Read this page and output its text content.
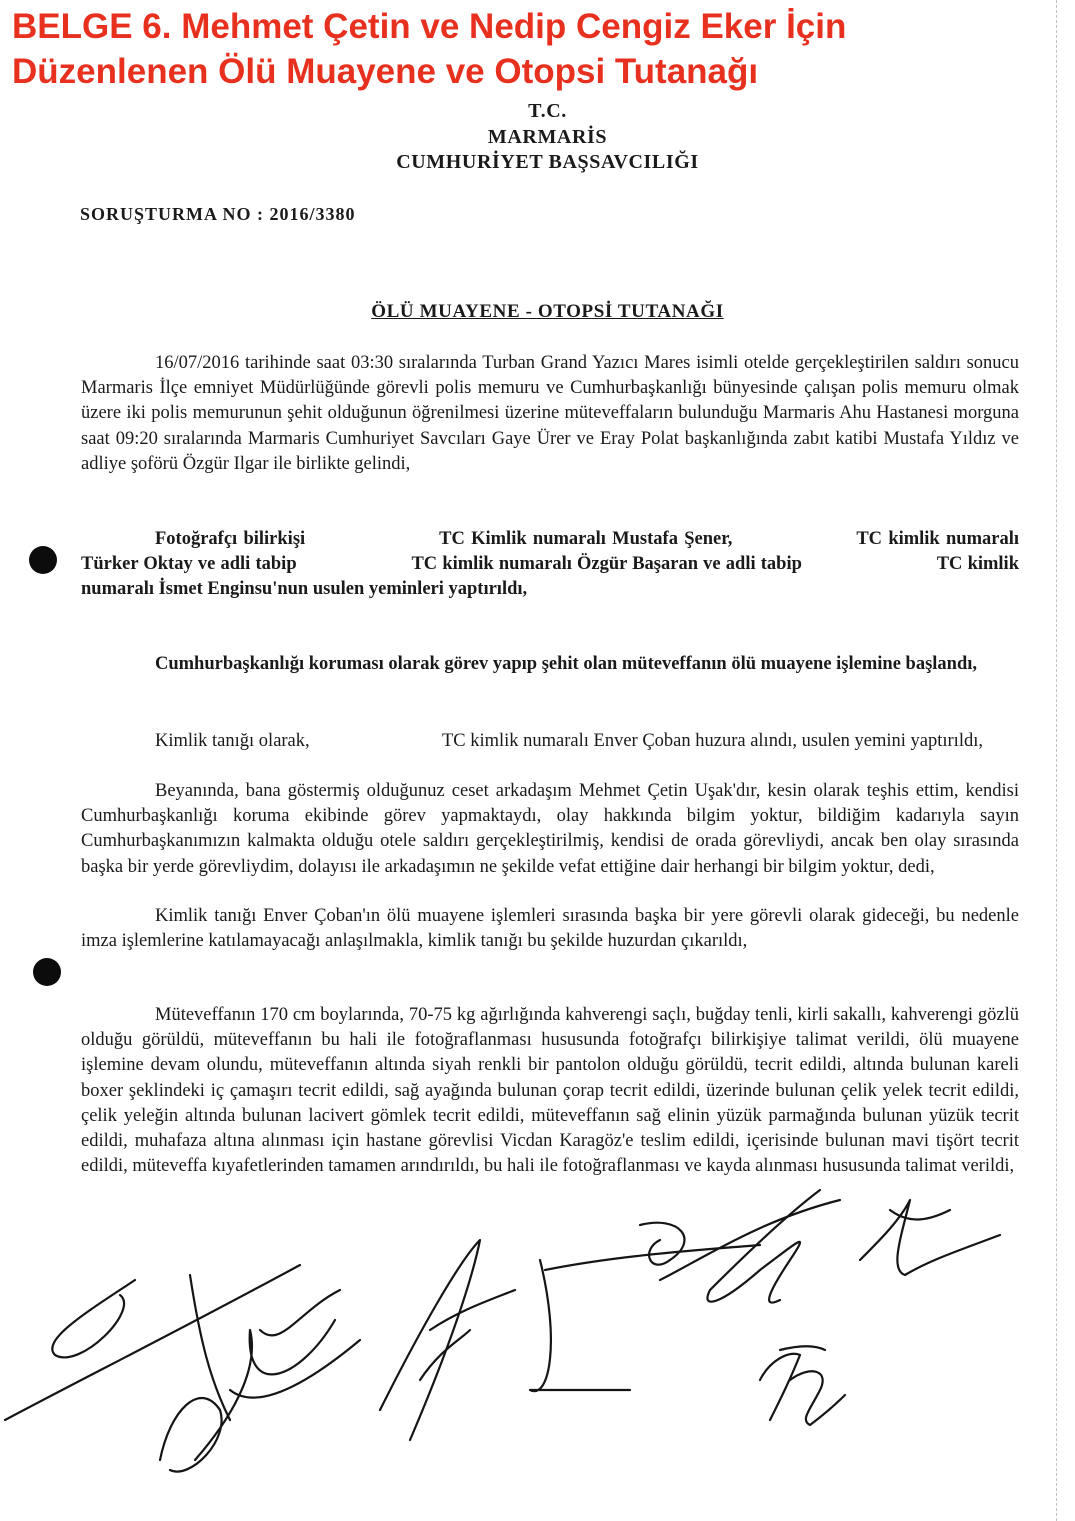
BELGE 6. Mehmet Çetin ve Nedip Cengiz Eker İçin
Düzenlenen Ölü Muayene ve Otopsi Tutanağı
T.C.
MARMARİS
CUMHURİYET BAŞSAVCILIĞI
SORUŞTURMA NO : 2016/3380
ÖLÜ MUAYENE - OTOPSİ TUTANAĞI
16/07/2016 tarihinde saat 03:30 sıralarında Turban Grand Yazıcı Mares isimli otelde gerçekleştirilen saldırı sonucu Marmaris İlçe emniyet Müdürlüğünde görevli polis memuru ve Cumhurbaşkanlığı bünyesinde çalışan polis memuru olmak üzere iki polis memurunun şehit olduğunun öğrenilmesi üzerine müteveffaların bulunduğu Marmaris Ahu Hastanesi morguna saat 09:20 sıralarında Marmaris Cumhuriyet Savcıları Gaye Ürer ve Eray Polat başkanlığında zabıt katibi Mustafa Yıldız ve adliye şoförü Özgür Ilgar ile birlikte gelindi,
Fotoğrafçı bilirkişi	TC Kimlik numaralı Mustafa Şener,	TC kimlik numaralı Türker Oktay ve adli tabip	TC kimlik numaralı Özgür Başaran ve adli tabip	TC kimlik numaralı İsmet Enginsu'nun usulen yeminleri yaptırıldı,
Cumhurbaşkanlığı koruması olarak görev yapıp şehit olan müteveffanın ölü muayene işlemine başlandı,
Kimlik tanığı olarak,	TC kimlik numaralı Enver Çoban huzura alındı, usulen yemini yaptırıldı,
Beyanında, bana göstermiş olduğunuz ceset arkadaşım Mehmet Çetin Uşak'dır, kesin olarak teşhis ettim, kendisi Cumhurbaşkanlığı koruma ekibinde görev yapmaktaydı, olay hakkında bilgim yoktur, bildiğim kadarıyla sayın Cumhurbaşkanımızın kalmakta olduğu otele saldırı gerçekleştirilmiş, kendisi de orada görevliydi, ancak ben olay sırasında başka bir yerde görevliydim, dolayısı ile arkadaşımın ne şekilde vefat ettiğine dair herhangi bir bilgim yoktur, dedi,
Kimlik tanığı Enver Çoban'ın ölü muayene işlemleri sırasında başka bir yere görevli olarak gideceği, bu nedenle imza işlemlerine katılamayacağı anlaşılmakla, kimlik tanığı bu şekilde huzurdan çıkarıldı,
Müteveffanın 170 cm boylarında, 70-75 kg ağırlığında kahverengi saçlı, buğday tenli, kirli sakallı, kahverengi gözlü olduğu görüldü, müteveffanın bu hali ile fotoğraflanması hususunda fotoğrafçı bilirkişiye talimat verildi, ölü muayene işlemine devam olundu, müteveffanın altında siyah renkli bir pantolon olduğu görüldü, tecrit edildi, altında bulunan kareli boxer şeklindeki iç çamaşırı tecrit edildi, sağ ayağında bulunan çorap tecrit edildi, üzerinde bulunan çelik yelek tecrit edildi, çelik yeleğin altında bulunan lacivert gömlek tecrit edildi, müteveffanın sağ elinin yüzük parmağında bulunan yüzük tecrit edildi, muhafaza altına alınması için hastane görevlisi Vicdan Karagöz'e teslim edildi, içerisinde bulunan mavi tişört tecrit edildi, müteveffa kıyafetlerinden tamamen arındırıldı, bu hali ile fotoğraflanması ve kayda alınması hususunda talimat verildi,
